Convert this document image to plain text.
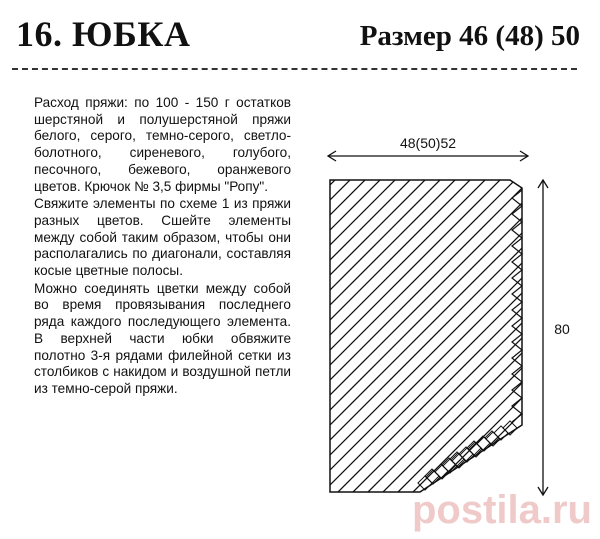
16. ЮБКА	Размер 46 (48) 50

Расход пряжи: по 100 - 150 г остатков шерстяной и полушерстяной пряжи белого, серого, темно-серого, светло-болотного, сиреневого, голубого, песочного, бежевого, оранжевого цветов. Крючок № 3,5 фирмы "Ропу".

Свяжите элементы по схеме 1 из пряжи разных цветов. Сшейте элементы между собой таким образом, чтобы они располагались по диагонали, составляя косые цветные полосы.

Можно соединять цветки между собой во время провязывания последнего ряда каждого последующего элемента. В верхней части юбки обвяжите полотно 3-я рядами филейной сетки из столбиков с накидом и воздушной петли из темно-серой пряжи.

48(50)52
80
postila.ru
